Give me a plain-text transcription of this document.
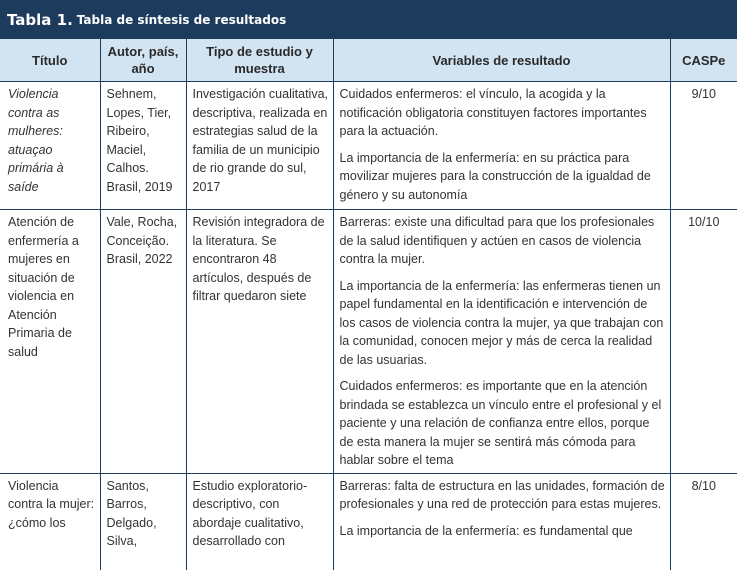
Tabla 1. Tabla de síntesis de resultados
Título	Autor, país, año	Tipo de estudio y muestra	Variables de resultado	CASPe
Violencia contra as mulheres: atuaçao primária à saíde	Sehnem, Lopes, Tier, Ribeiro, Maciel, Calhos. Brasil, 2019	Investigación cualitativa, descriptiva, realizada en estrategias salud de la familia de un municipio de rio grande do sul, 2017	Cuidados enfermeros: el vínculo, la acogida y la notificación obligatoria constituyen factores importantes para la actuación.

La importancia de la enfermería: en su práctica para movilizar mujeres para la construcción de la igualdad de género y su autonomía	9/10
Atención de enfermería a mujeres en situación de violencia en Atención Primaria de salud	Vale, Rocha, Conceição. Brasil, 2022	Revisión integradora de la literatura. Se encontraron 48 artículos, después de filtrar quedaron siete	Barreras: existe una dificultad para que los profesionales de la salud identifiquen y actúen en casos de violencia contra la mujer.

La importancia de la enfermería: las enfermeras tienen un papel fundamental en la identificación e intervención de los casos de violencia contra la mujer, ya que trabajan con la comunidad, conocen mejor y más de cerca la realidad de las usuarias.

Cuidados enfermeros: es importante que en la atención brindada se establezca un vínculo entre el profesional y el paciente y una relación de confianza entre ellos, porque de esta manera la mujer se sentirá más cómoda para hablar sobre el tema	10/10
Violencia contra la mujer: ¿cómo los	Santos, Barros, Delgado, Silva,	Estudio exploratorio-descriptivo, con abordaje cualitativo, desarrollado con	Barreras: falta de estructura en las unidades, formación de profesionales y una red de protección para estas mujeres.

La importancia de la enfermería: es fundamental que	8/10
